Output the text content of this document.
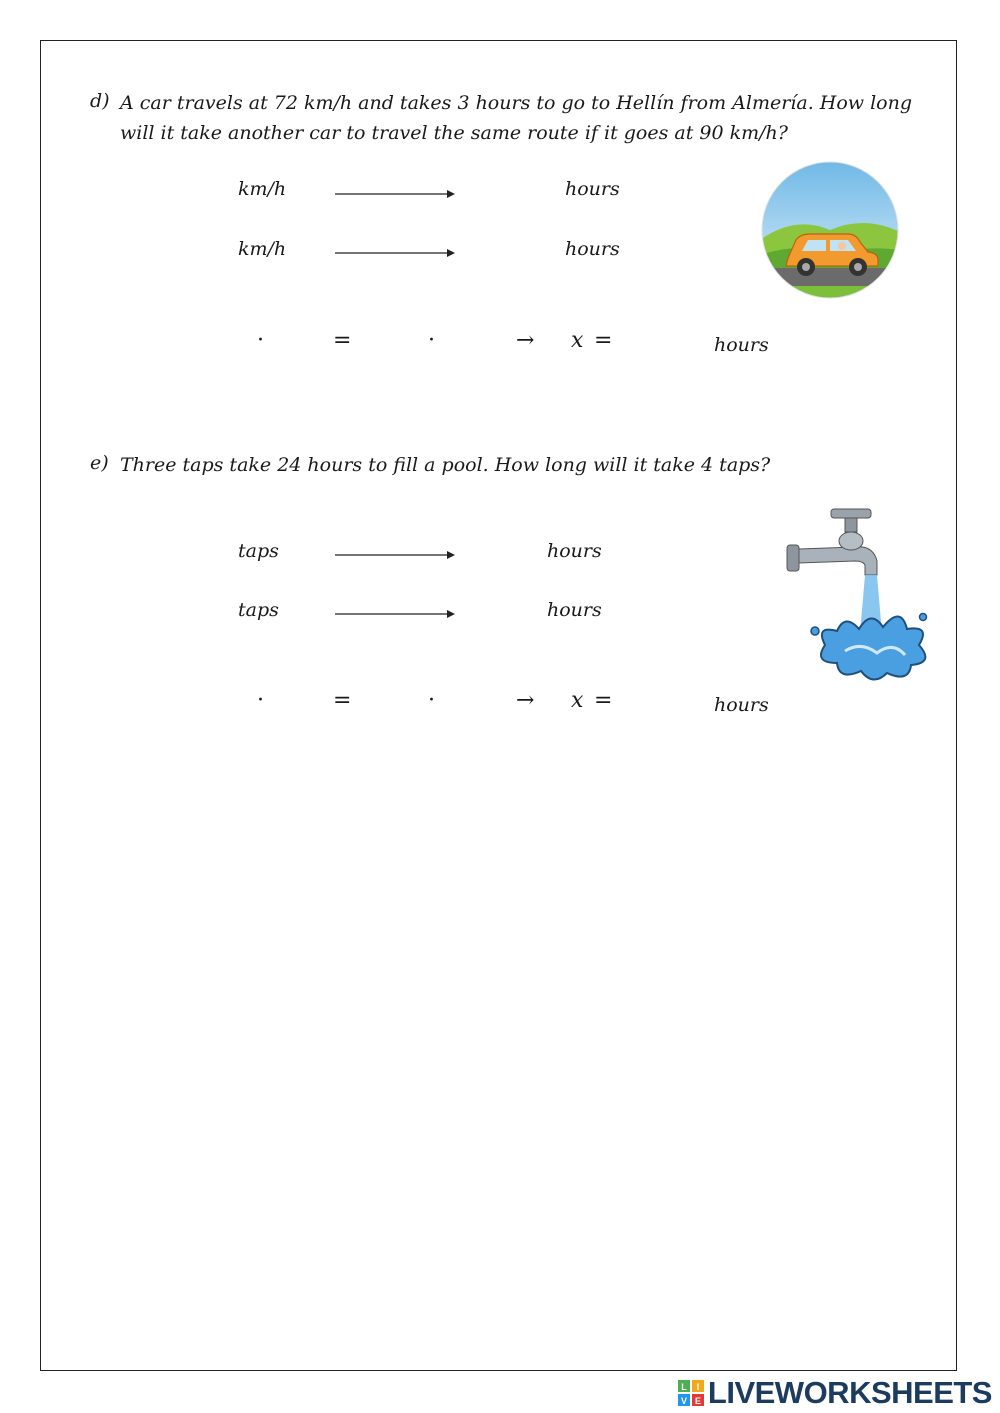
d) A car travels at 72 km/h and takes 3 hours to go to Hellín from Almería. How long will it take another car to travel the same route if it goes at 90 km/h?
km/h	hours
km/h	hours
·	=	·	→ x =	hours
e) Three taps take 24 hours to fill a pool. How long will it take 4 taps?
taps	hours
taps	hours
·	=	·	→ x =	hours
L I
V E LIVEWORKSHEETS
